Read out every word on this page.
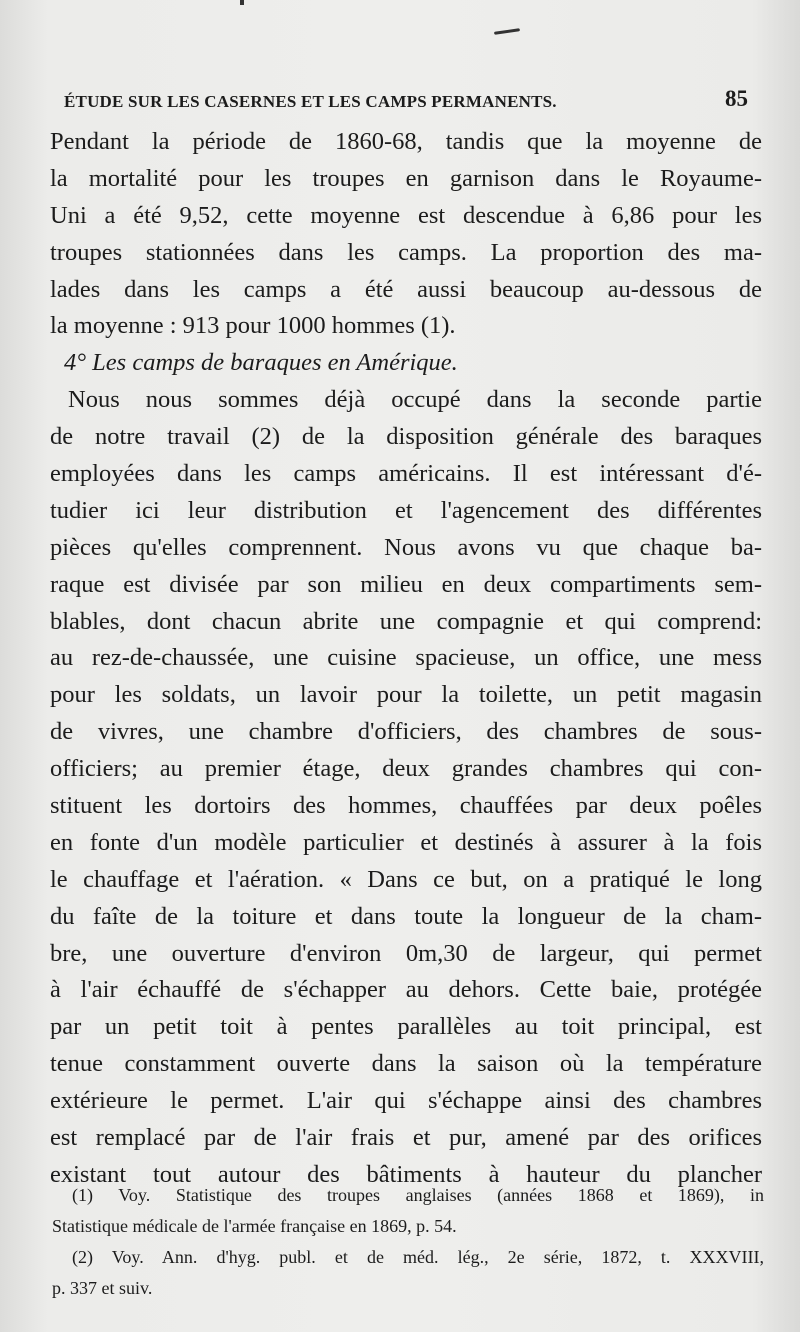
ÉTUDE SUR LES CASERNES ET LES CAMPS PERMANENTS.	85
Pendant la période de 1860-68, tandis que la moyenne de
la mortalité pour les troupes en garnison dans le Royaume-
Uni a été 9,52, cette moyenne est descendue à 6,86 pour les
troupes stationnées dans les camps. La proportion des ma-
lades dans les camps a été aussi beaucoup au-dessous de
la moyenne : 913 pour 1000 hommes (1).
4° Les camps de baraques en Amérique.
Nous nous sommes déjà occupé dans la seconde partie
de notre travail (2) de la disposition générale des baraques
employées dans les camps américains. Il est intéressant d'é-
tudier ici leur distribution et l'agencement des différentes
pièces qu'elles comprennent. Nous avons vu que chaque ba-
raque est divisée par son milieu en deux compartiments sem-
blables, dont chacun abrite une compagnie et qui comprend:
au rez-de-chaussée, une cuisine spacieuse, un office, une mess
pour les soldats, un lavoir pour la toilette, un petit magasin
de vivres, une chambre d'officiers, des chambres de sous-
officiers; au premier étage, deux grandes chambres qui con-
stituent les dortoirs des hommes, chauffées par deux poêles
en fonte d'un modèle particulier et destinés à assurer à la fois
le chauffage et l'aération. « Dans ce but, on a pratiqué le long
du faîte de la toiture et dans toute la longueur de la cham-
bre, une ouverture d'environ 0m,30 de largeur, qui permet
à l'air échauffé de s'échapper au dehors. Cette baie, protégée
par un petit toit à pentes parallèles au toit principal, est
tenue constamment ouverte dans la saison où la température
extérieure le permet. L'air qui s'échappe ainsi des chambres
est remplacé par de l'air frais et pur, amené par des orifices
existant tout autour des bâtiments à hauteur du plancher
(1) Voy. Statistique des troupes anglaises (années 1868 et 1869), in
Statistique médicale de l'armée française en 1869, p. 54.
(2) Voy. Ann. d'hyg. publ. et de méd. lég., 2e série, 1872, t. XXXVIII,
p. 337 et suiv.
